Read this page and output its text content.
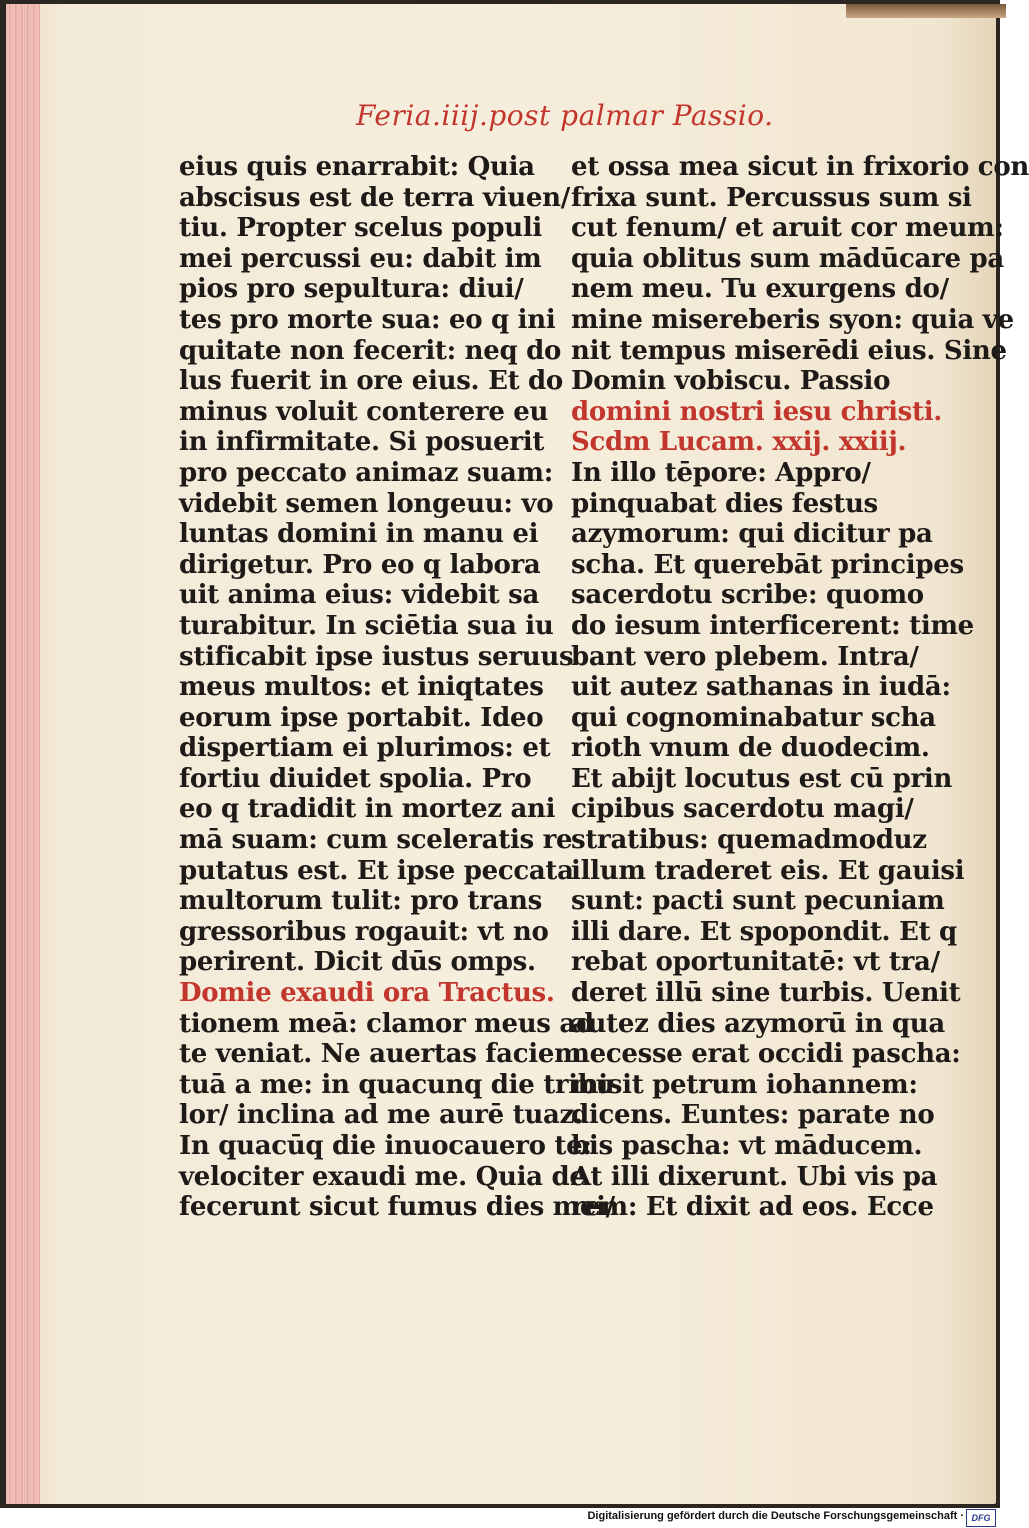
Feria.iiij.post palmar Passio.
eius quis enarrabit: Quia
abscisus est de terra viuen/
tiu. Propter scelus populi
mei percussi eu: dabit im
pios pro sepultura: diui/
tes pro morte sua: eo q ini
quitate non fecerit: neq do
lus fuerit in ore eius. Et do
minus voluit conterere eu
in infirmitate. Si posuerit
pro peccato animaz suam:
videbit semen longeuu: vo
luntas domini in manu ei
dirigetur. Pro eo q labora
uit anima eius: videbit sa
turabitur. In sciētia sua iu
stificabit ipse iustus seruus
meus multos: et iniqtates
eorum ipse portabit. Ideo
dispertiam ei plurimos: et
fortiu diuidet spolia. Pro
eo q tradidit in mortez ani
mā suam: cum sceleratis re
putatus est. Et ipse peccata
multorum tulit: pro trans
gressoribus rogauit: vt no
perirent. Dicit dūs omps.
Domie exaudi ora Tractus.
tionem meā: clamor meus ad
te veniat. Ne auertas faciem
tuā a me: in quacunq die tribu
lor/ inclina ad me aurē tuaz.
In quacūq die inuocauero te:
velociter exaudi me. Quia de
fecerunt sicut fumus dies mei/
et ossa mea sicut in frixorio con
frixa sunt. Percussus sum si
cut fenum/ et aruit cor meum:
quia oblitus sum mādūcare pa
nem meu. Tu exurgens do/
mine misereberis syon: quia ve
nit tempus miserēdi eius. Sine
Domin vobiscu. Passio
domini nostri iesu christi.
Scdm Lucam. xxij. xxiij.
In illo tēpore: Appro/
pinquabat dies festus
azymorum: qui dicitur pa
scha. Et querebāt principes
sacerdotu scribe: quomo
do iesum interficerent: time
bant vero plebem. Intra/
uit autez sathanas in iudā:
qui cognominabatur scha
rioth vnum de duodecim.
Et abijt locutus est cū prin
cipibus sacerdotu magi/
stratibus: quemadmoduz
illum traderet eis. Et gauisi
sunt: pacti sunt pecuniam
illi dare. Et spopondit. Et q
rebat oportunitatē: vt tra/
deret illū sine turbis. Uenit
autez dies azymorū in qua
necesse erat occidi pascha:
misit petrum iohannem:
dicens. Euntes: parate no
bis pascha: vt māducem.
At illi dixerunt. Ubi vis pa
rem: Et dixit ad eos. Ecce
Digitalisierung gefördert durch die Deutsche Forschungsgemeinschaft · DFG
